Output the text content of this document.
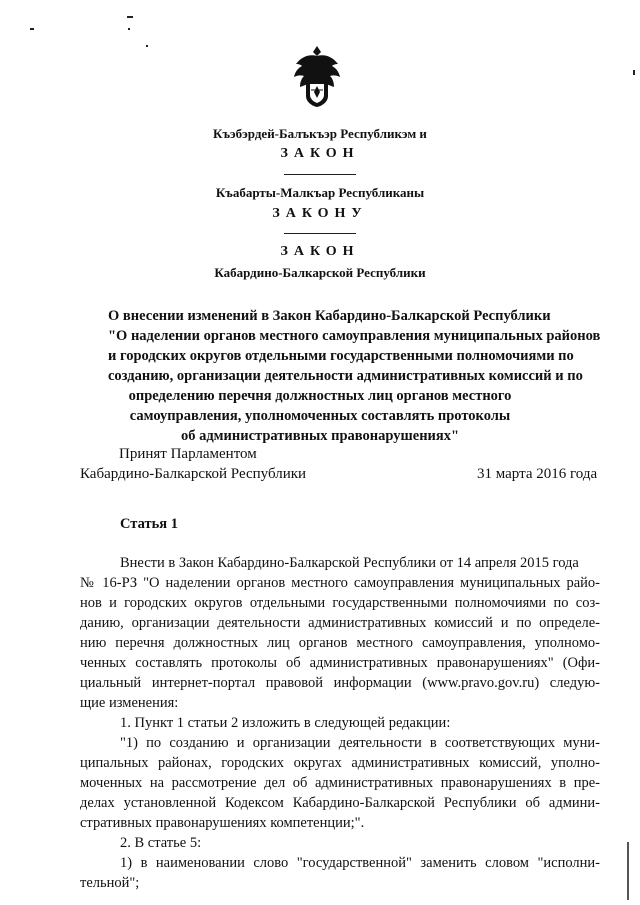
Къэбэрдей-Балъкъэр Республикэм и
ЗАКОН
Къабарты-Малкъар Республиканы
ЗАКОНУ
ЗАКОН
Кабардино-Балкарской Республики
О внесении изменений в Закон Кабардино-Балкарской Республики
"О наделении органов местного самоуправления муниципальных районов
и городских округов отдельными государственными полномочиями по
созданию, организации деятельности административных комиссий и по
определению перечня должностных лиц органов местного
самоуправления, уполномоченных составлять протоколы
об административных правонарушениях"
Принят Парламентом
Кабардино-Балкарской Республики	31 марта 2016 года
Статья 1
Внести в Закон Кабардино-Балкарской Республики от 14 апреля 2015 года
№ 16-РЗ "О наделении органов местного самоуправления муниципальных райо-
нов и городских округов отдельными государственными полномочиями по соз-
данию, организации деятельности административных комиссий и по определе-
нию перечня должностных лиц органов местного самоуправления, уполномо-
ченных составлять протоколы об административных правонарушениях" (Офи-
циальный интернет-портал правовой информации (www.pravo.gov.ru) следую-
щие изменения:
1. Пункт 1 статьи 2 изложить в следующей редакции:
"1) по созданию и организации деятельности в соответствующих муни-
ципальных районах, городских округах административных комиссий, уполно-
моченных на рассмотрение дел об административных правонарушениях в пре-
делах установленной Кодексом Кабардино-Балкарской Республики об админи-
стративных правонарушениях компетенции;".
2. В статье 5:
1) в наименовании слово "государственной" заменить словом "исполни-
тельной";
